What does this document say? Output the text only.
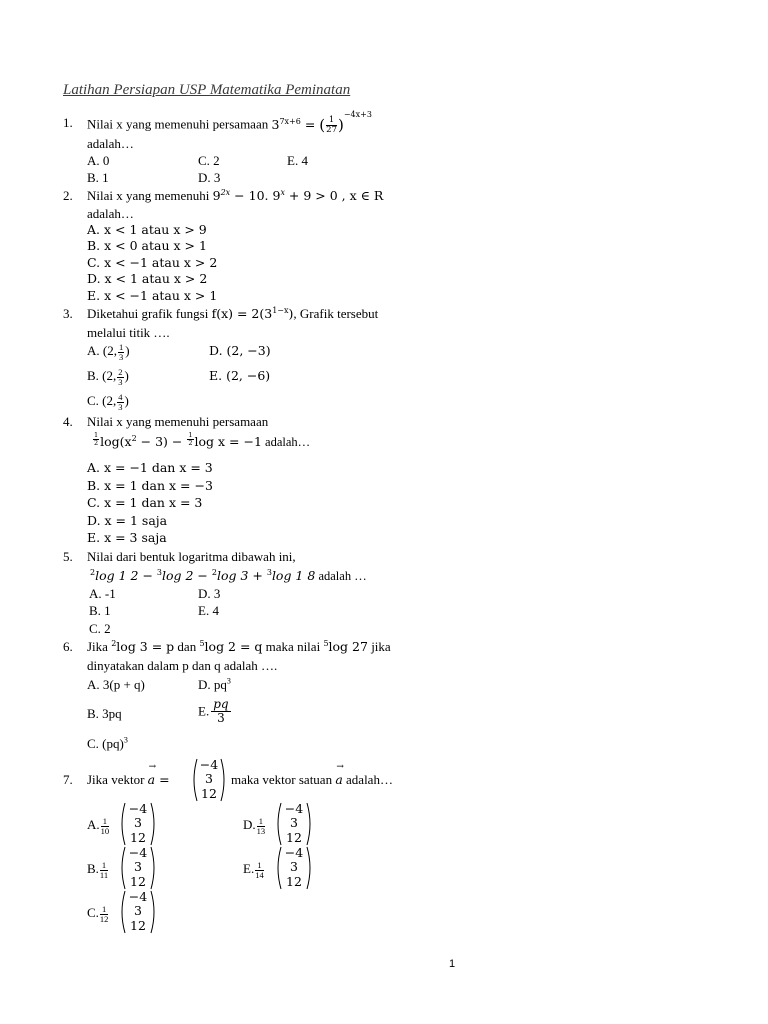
Latihan Persiapan USP Matematika Peminatan
1. Nilai x yang memenuhi persamaan $3^{7x+6}$ = ( $\frac{1}{27} )^{-4x+3}$
adalah…
A. 0
B. 1
C. 2
D. 3
E. 4
2. Nilai x yang memenuhi $9^{2x} - 10$. $9^x + 9 > 0$ , x ∈ R
adalah…
A. x < 1 atau x > 9
B. x < 0 atau x > 1
C. x < −1 atau x > 2
D. x < 1 atau x > 2
E. x < −1 atau x > 1
3. Diketahui grafik fungsi $f(x) = 2(3^{1-x})$, Grafik tersebut
melalui titik ….
A. (2, $\frac{1}{3}$ )
B. (2, $\frac{2}{3}$ )
C. (2, $\frac{4}{3}$ )
D. (2, −3)
E. (2, −6)
4. Nilai x yang memenuhi persamaan
$\frac{1}{2} \log(x^2 - 3) - \frac{1}{2}$ log x = −1 adalah…
A. x = −1 dan x = 3
B. x = 1 dan x = −3
C. x = 1 dan x = 3
D. x = 1 saja
E. x = 3 saja
5. Nilai dari bentuk logaritma dibawah ini,
$^2$log 1 2 − $^3$log 2 − $^2$log 3 + $^3$log 1 8 adalah …
A. -1
B. 1
C. 2
D. 3
E. 4
6. Jika $^2$log 3 = p dan $^5$log 2 = q maka nilai $^5$log 27 jika
dinyatakan dalam p dan q adalah ….
A. 3(p + q)	D. $pq^3$
B. 3pq	E. $\frac{pq}{3}$
C. (pq)$^3$
7. Jika vektor
→
a =
−4
3
12
maka vektor satuan
→
a adalah…
A. $\frac{1}{10}$
−4
3
12
D. $\frac{1}{13}$
−4
3
12
B. $\frac{1}{11}$
−4
3
12
E. $\frac{1}{14}$
−4
3
12
C. $\frac{1}{12}$
−4
3
12
1
